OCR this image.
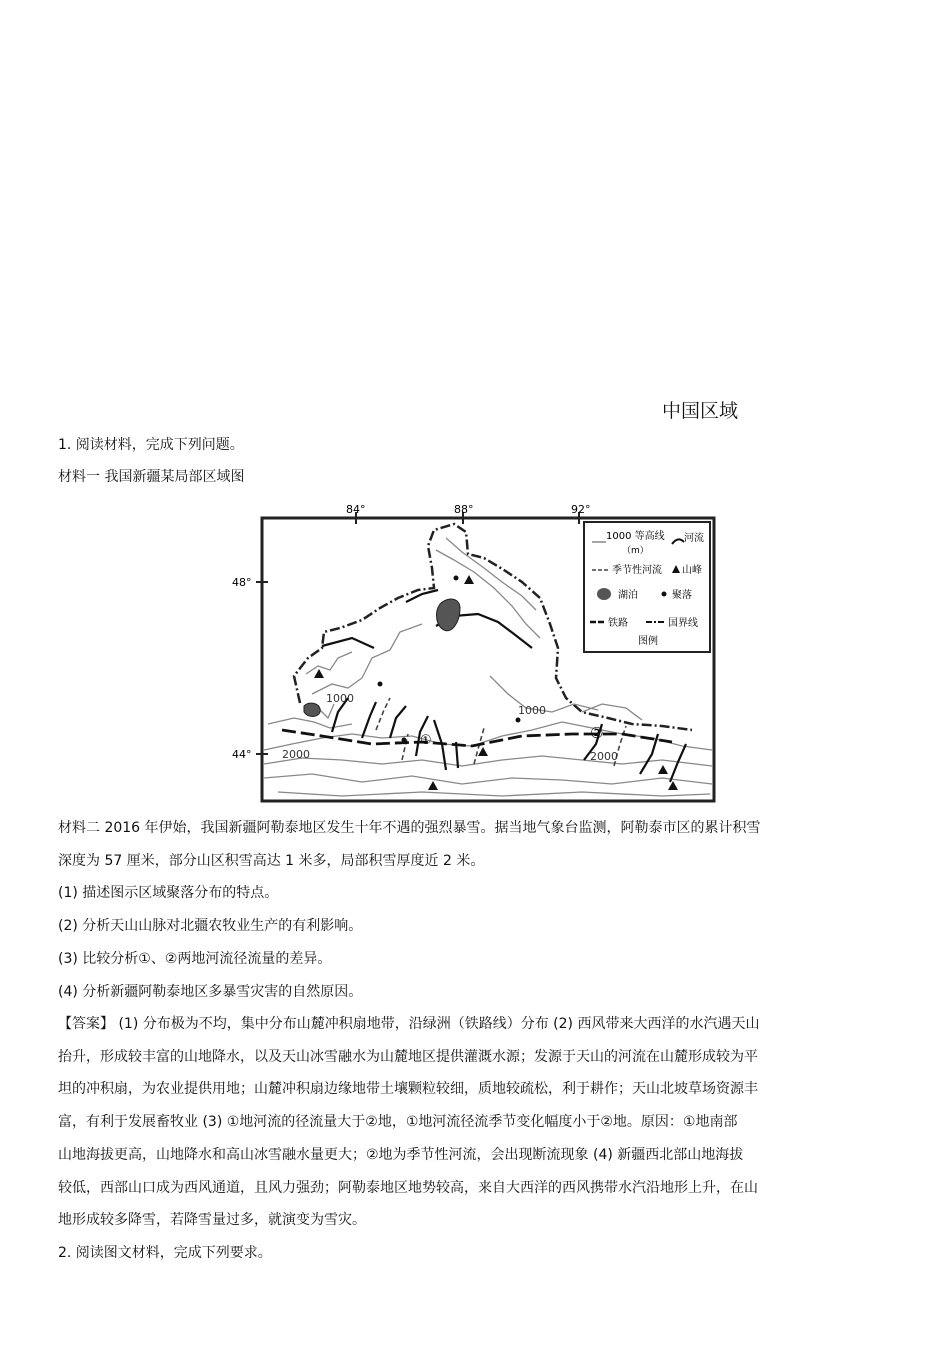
中国区域
1. 阅读材料，完成下列问题。
材料一 我国新疆某局部区域图
84°	88°	92°
48°
44°
1000
1000
2000	2000
①	②
1000 等高线
（m）
河流
季节性河流 山峰
湖泊	聚落
铁路	国界线
图例
材料二 2016 年伊始，我国新疆阿勒泰地区发生十年不遇的强烈暴雪。据当地气象台监测，阿勒泰市区的累计积雪
深度为 57 厘米，部分山区积雪高达 1 米多，局部积雪厚度近 2 米。
(1) 描述图示区域聚落分布的特点。
(2) 分析天山山脉对北疆农牧业生产的有利影响。
(3) 比较分析①、②两地河流径流量的差异。
(4) 分析新疆阿勒泰地区多暴雪灾害的自然原因。
【答案】 (1) 分布极为不均，集中分布山麓冲积扇地带，沿绿洲（铁路线）分布 (2) 西风带来大西洋的水汽遇天山
抬升，形成较丰富的山地降水，以及天山冰雪融水为山麓地区提供灌溉水源；发源于天山的河流在山麓形成较为平
坦的冲积扇，为农业提供用地；山麓冲积扇边缘地带土壤颗粒较细，质地较疏松，利于耕作；天山北坡草场资源丰
富，有利于发展畜牧业 (3) ①地河流的径流量大于②地，①地河流径流季节变化幅度小于②地。原因：①地南部
山地海拔更高，山地降水和高山冰雪融水量更大；②地为季节性河流，会出现断流现象 (4) 新疆西北部山地海拔
较低，西部山口成为西风通道，且风力强劲；阿勒泰地区地势较高，来自大西洋的西风携带水汽沿地形上升，在山
地形成较多降雪，若降雪量过多，就演变为雪灾。
2. 阅读图文材料，完成下列要求。
